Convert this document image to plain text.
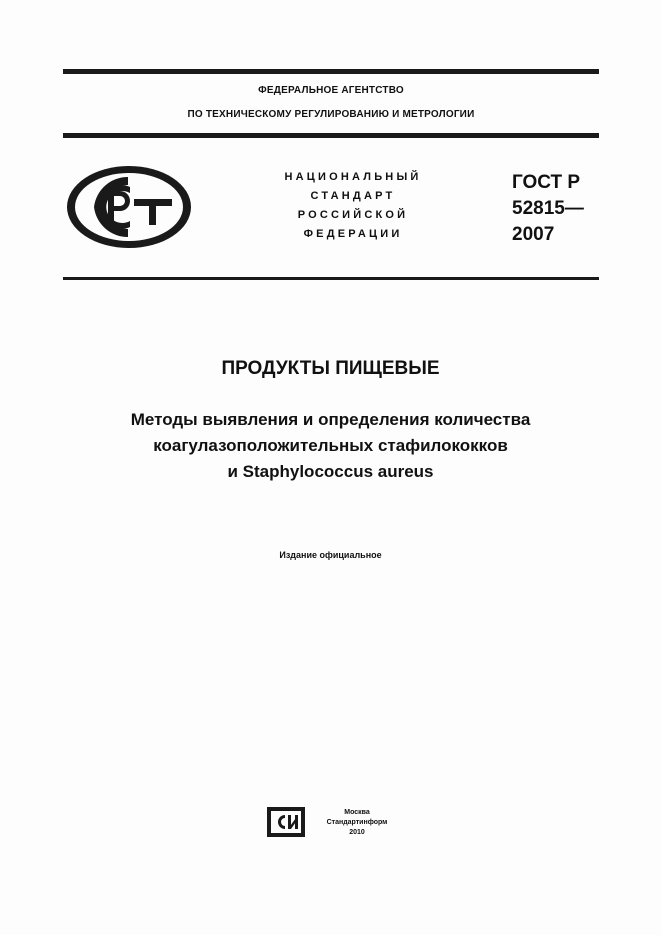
ФЕДЕРАЛЬНОЕ АГЕНТСТВО
ПО ТЕХНИЧЕСКОМУ РЕГУЛИРОВАНИЮ И МЕТРОЛОГИИ
НАЦИОНАЛЬНЫЙ
СТАНДАРТ
РОССИЙСКОЙ
ФЕДЕРАЦИИ
ГОСТ Р
52815—
2007
ПРОДУКТЫ ПИЩЕВЫЕ
Методы выявления и определения количества
коагулазоположительных стафилококков
и Staphylococcus aureus
Издание официальное
Москва
Стандартинформ
2010
